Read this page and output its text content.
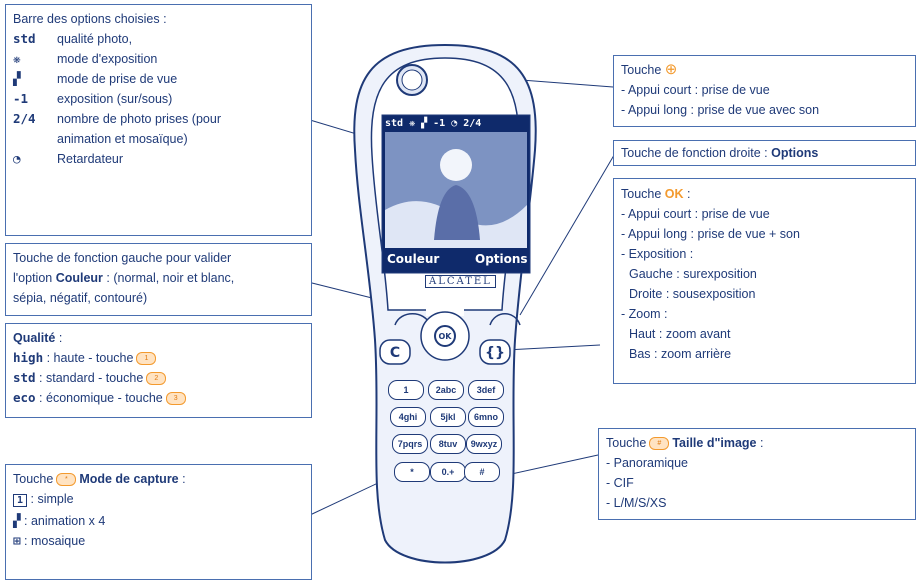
OK
C	{}
std ❋ ▞ -1 ◔ 2/4
Couleur	Options
ALCATEL
1	2abc	3def
4ghi	5jkl	6mno
7pqrs	8tuv	9wxyz
*	0.+	#
Barre des options choisies :
std	qualité photo,
❋	mode d'exposition
▞	mode de prise de vue
-1	exposition (sur/sous)
2/4	nombre de photo prises (pour
animation et mosaïque)
◔	Retardateur
Touche de fonction gauche pour valider
l'option Couleur : (normal, noir et blanc,
sépia, négatif, contouré)
Qualité :
high : haute - touche 1
std : standard - touche 2
eco : économique - touche 3
Touche * Mode de capture :
1 : simple
▞ : animation x 4
⊞ : mosaique
Touche ⊕
- Appui court : prise de vue
- Appui long : prise de vue avec son
Touche de fonction droite : Options
Touche OK :
- Appui court : prise de vue
- Appui long : prise de vue + son
- Exposition :
Gauche : surexposition
Droite : sousexposition
- Zoom :
Haut : zoom avant
Bas : zoom arrière
Touche # Taille d"image :
- Panoramique
- CIF
- L/M/S/XS
